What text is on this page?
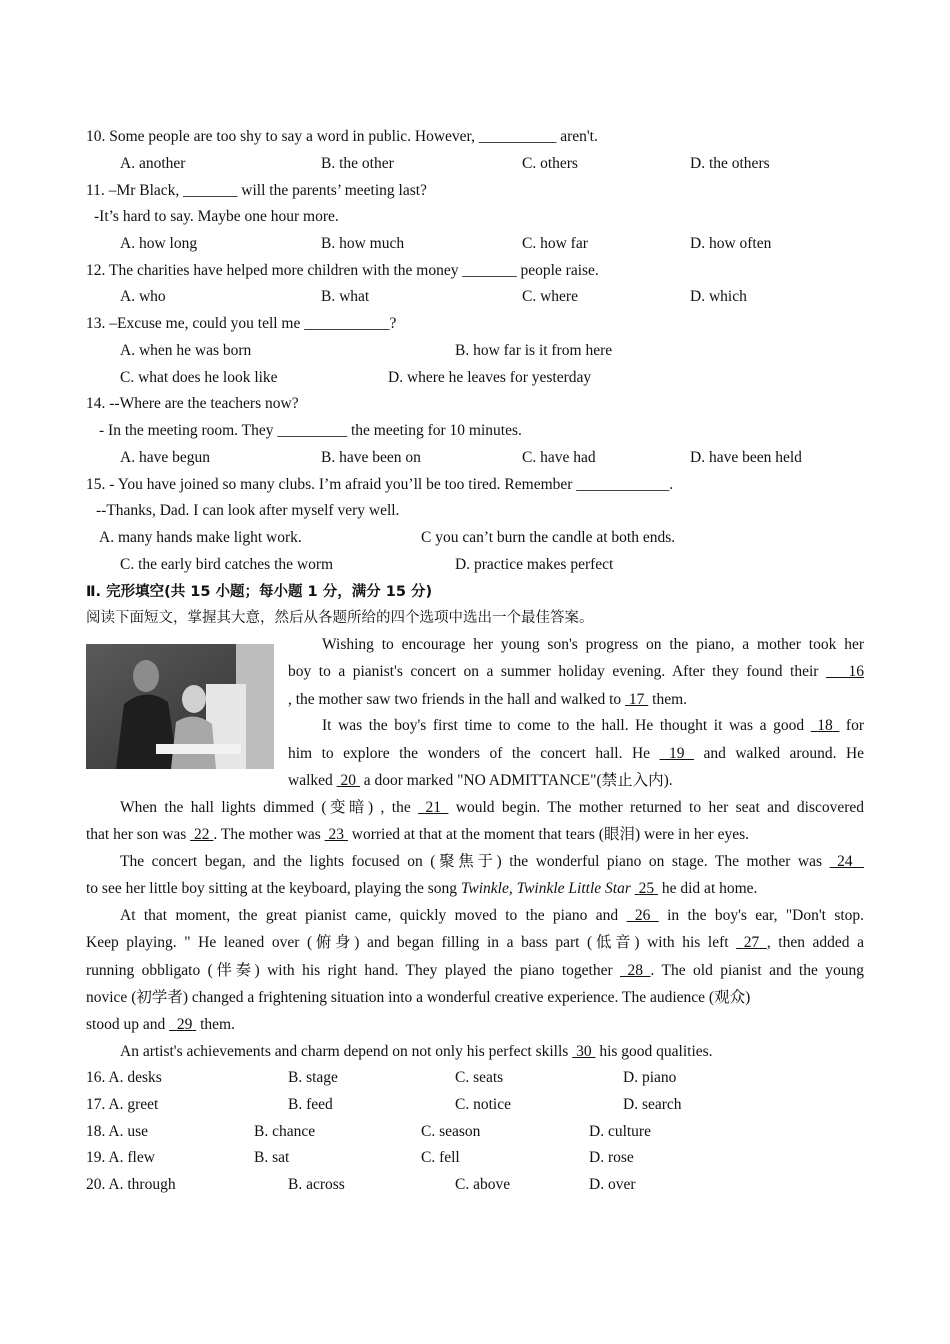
10. Some people are too shy to say a word in public. However, __________ aren't.
A. another	B. the other	C. others	D. the others
11. –Mr Black, _______ will the parents’ meeting last?
-It’s hard to say. Maybe one hour more.
A. how long	B. how much	C. how far	D. how often
12. The charities have helped more children with the money _______ people raise.
A. who	B. what	C. where	D. which
13. –Excuse me, could you tell me ___________?
A. when he was born	B. how far is it from here
C. what does he look like	D. where he leaves for yesterday
14. --Where are the teachers now?
- In the meeting room. They _________ the meeting for 10 minutes.
A. have begun	B. have been on	C. have had	D. have been held
15. - You have joined so many clubs. I’m afraid you’ll be too tired. Remember ____________.
--Thanks, Dad. I can look after myself very well.
A. many hands make light work.	C you can’t burn the candle at both ends.
C. the early bird catches the worm	D. practice makes perfect
Ⅱ. 完形填空(共 15 小题；每小题 1 分，满分 15 分)
阅读下面短文，掌握其大意，然后从各题所给的四个选项中选出一个最佳答案。
Wishing to encourage her young son's progress on the piano, a mother took her
boy to a pianist's concert on a summer holiday evening. After they found their    16
, the mother saw two friends in the hall and walked to  17  them.
It was the boy's first time to come to the hall. He thought it was a good  18  for
him to explore the wonders of the concert hall. He  19  and walked around. He
walked  20  a door marked "NO ADMITTANCE"(禁止入内).
When the hall lights dimmed (变暗) , the  21  would begin. The mother returned to her seat and discovered
that her son was  22 . The mother was  23  worried at that at the moment that tears (眼泪) were in her eyes.
The concert began, and the lights focused on (聚焦于) the wonderful piano on stage. The mother was  24
to see her little boy sitting at the keyboard, playing the song Twinkle, Twinkle Little Star 25  he did at home.
At that moment, the great pianist came, quickly moved to the piano and  26  in the boy's ear, "Don't stop.
Keep playing. " He leaned over (俯身) and began filling in a bass part (低音) with his left  27 , then added a
running obbligato (伴奏) with his right hand. They played the piano together  28 . The old pianist and the young
novice (初学者) changed a frightening situation into a wonderful creative experience. The audience (观众)
stood up and   29  them.
An artist's achievements and charm depend on not only his perfect skills  30  his good qualities.
16. A. desks	B. stage	C. seats	D. piano
17. A. greet	B. feed	C. notice	D. search
18. A. use	B. chance	C. season	D. culture
19. A. flew	B. sat	C. fell	D. rose
20. A. through	B. across	C. above	D. over
